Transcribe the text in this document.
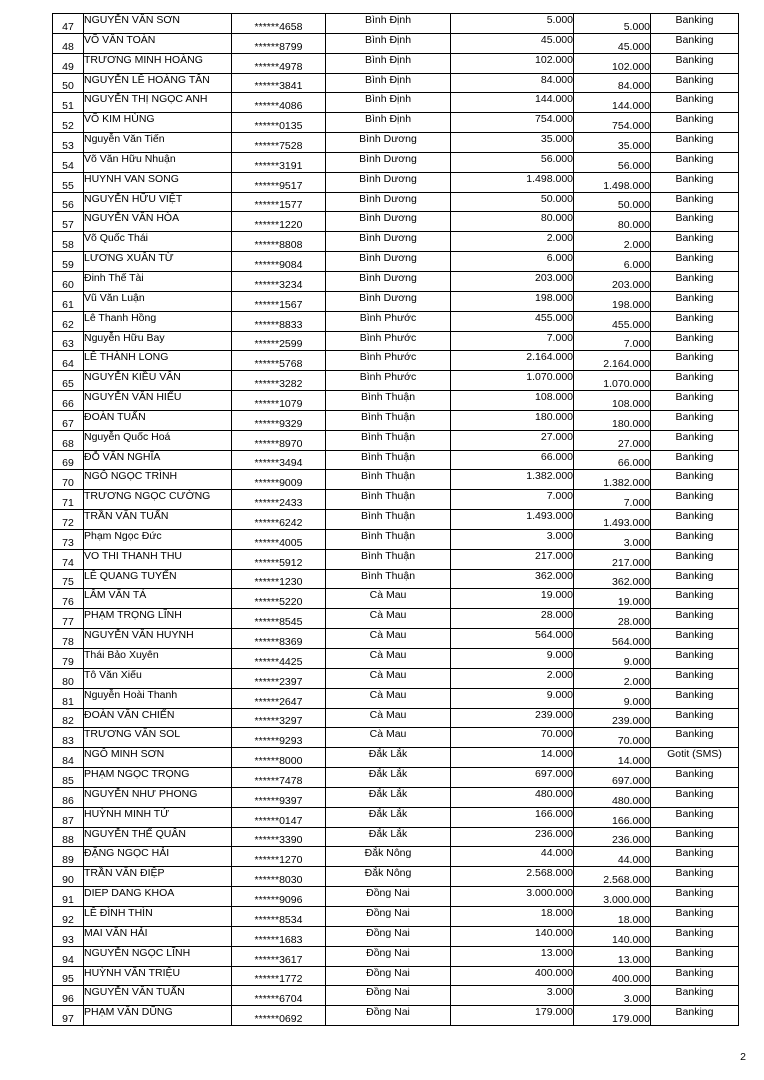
47	NGUYỄN VĂN SƠN	******4658	Bình Định	5.000	5.000	Banking
48	VÕ VĂN TOÀN	******8799	Bình Định	45.000	45.000	Banking
49	TRƯƠNG MINH HOÀNG	******4978	Bình Định	102.000	102.000	Banking
50	NGUYỄN LÊ HOÀNG TÂN	******3841	Bình Định	84.000	84.000	Banking
51	NGUYỄN THỊ NGỌC ANH	******4086	Bình Định	144.000	144.000	Banking
52	VÕ KIM HÙNG	******0135	Bình Định	754.000	754.000	Banking
53	Nguyễn Văn Tiến	******7528	Bình Dương	35.000	35.000	Banking
54	Võ Văn Hữu Nhuận	******3191	Bình Dương	56.000	56.000	Banking
55	HUYNH VAN SONG	******9517	Bình Dương	1.498.000	1.498.000	Banking
56	NGUYỄN HỮU VIỆT	******1577	Bình Dương	50.000	50.000	Banking
57	NGUYỄN VĂN HÒA	******1220	Bình Dương	80.000	80.000	Banking
58	Võ Quốc Thái	******8808	Bình Dương	2.000	2.000	Banking
59	LƯƠNG XUÂN TỪ	******9084	Bình Dương	6.000	6.000	Banking
60	Đinh Thế Tài	******3234	Bình Dương	203.000	203.000	Banking
61	Vũ Văn Luận	******1567	Bình Dương	198.000	198.000	Banking
62	Lê Thanh Hồng	******8833	Bình Phước	455.000	455.000	Banking
63	Nguyễn Hữu Bay	******2599	Bình Phước	7.000	7.000	Banking
64	LÊ THÀNH LONG	******5768	Bình Phước	2.164.000	2.164.000	Banking
65	NGUYỄN KIỀU VÂN	******3282	Bình Phước	1.070.000	1.070.000	Banking
66	NGUYỄN VĂN HIẾU	******1079	Bình Thuận	108.000	108.000	Banking
67	ĐOÀN TUẤN	******9329	Bình Thuận	180.000	180.000	Banking
68	Nguyễn Quốc Hoá	******8970	Bình Thuận	27.000	27.000	Banking
69	ĐỖ VĂN NGHĨA	******3494	Bình Thuận	66.000	66.000	Banking
70	NGÔ NGỌC TRÌNH	******9009	Bình Thuận	1.382.000	1.382.000	Banking
71	TRƯƠNG NGỌC CƯỜNG	******2433	Bình Thuận	7.000	7.000	Banking
72	TRẦN VĂN TUẤN	******6242	Bình Thuận	1.493.000	1.493.000	Banking
73	Phạm Ngọc Đức	******4005	Bình Thuận	3.000	3.000	Banking
74	VO THI THANH THU	******5912	Bình Thuận	217.000	217.000	Banking
75	LÊ QUANG TUYẾN	******1230	Bình Thuận	362.000	362.000	Banking
76	LÂM VĂN TÁ	******5220	Cà Mau	19.000	19.000	Banking
77	PHẠM TRỌNG LĨNH	******8545	Cà Mau	28.000	28.000	Banking
78	NGUYỄN VĂN HUYNH	******8369	Cà Mau	564.000	564.000	Banking
79	Thái Bảo Xuyên	******4425	Cà Mau	9.000	9.000	Banking
80	Tô Văn Xiếu	******2397	Cà Mau	2.000	2.000	Banking
81	Nguyễn Hoài Thanh	******2647	Cà Mau	9.000	9.000	Banking
82	ĐOÀN VĂN CHIẾN	******3297	Cà Mau	239.000	239.000	Banking
83	TRƯƠNG VĂN SOL	******9293	Cà Mau	70.000	70.000	Banking
84	NGÔ MINH SƠN	******8000	Đắk Lắk	14.000	14.000	Gotit (SMS)
85	PHẠM NGỌC TRỌNG	******7478	Đắk Lắk	697.000	697.000	Banking
86	NGUYỄN NHƯ PHONG	******9397	Đắk Lắk	480.000	480.000	Banking
87	HUỲNH MINH TỨ	******0147	Đắk Lắk	166.000	166.000	Banking
88	NGUYỄN THẾ QUÂN	******3390	Đắk Lắk	236.000	236.000	Banking
89	ĐẶNG NGỌC HẢI	******1270	Đắk Nông	44.000	44.000	Banking
90	TRẦN VĂN ĐIỆP	******8030	Đắk Nông	2.568.000	2.568.000	Banking
91	DIEP DANG KHOA	******9096	Đồng Nai	3.000.000	3.000.000	Banking
92	LÊ ĐÌNH THÌN	******8534	Đồng Nai	18.000	18.000	Banking
93	MAI VĂN HẢI	******1683	Đồng Nai	140.000	140.000	Banking
94	NGUYỄN NGỌC LĨNH	******3617	Đồng Nai	13.000	13.000	Banking
95	HUỲNH VĂN TRIỆU	******1772	Đồng Nai	400.000	400.000	Banking
96	NGUYỄN VĂN TUẤN	******6704	Đồng Nai	3.000	3.000	Banking
97	PHẠM VĂN DŨNG	******0692	Đồng Nai	179.000	179.000	Banking
2
